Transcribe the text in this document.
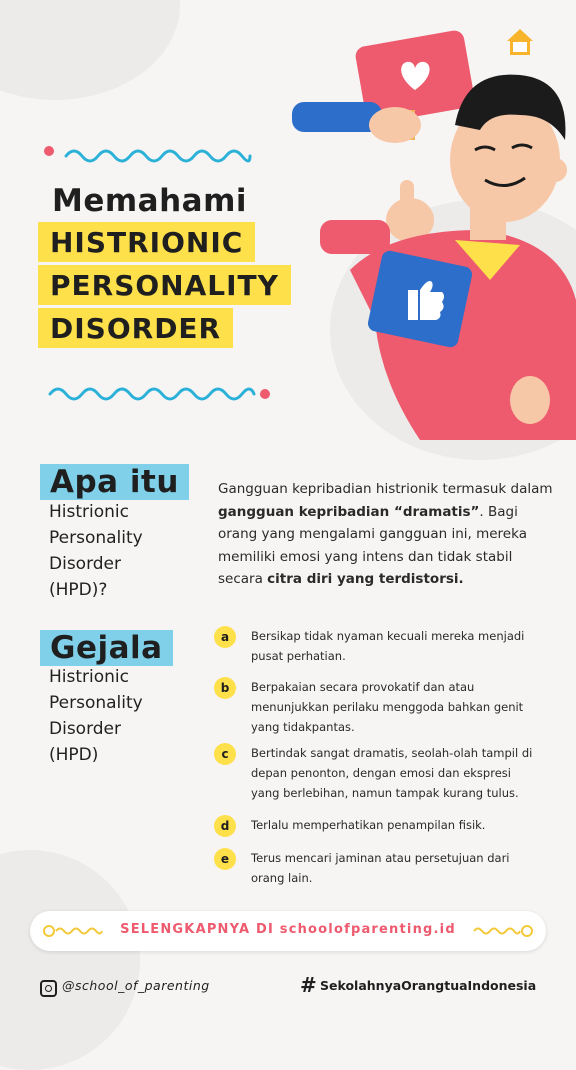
Memahami
HISTRIONIC
PERSONALITY
DISORDER
Apa itu
Histrionic
Personality
Disorder
(HPD)?
Gangguan kepribadian histrionik termasuk dalam gangguan kepribadian “dramatis”. Bagi orang yang mengalami gangguan ini, mereka memiliki emosi yang intens dan tidak stabil secara citra diri yang terdistorsi.
Gejala
Histrionic
Personality
Disorder
(HPD)
a	Bersikap tidak nyaman kecuali mereka menjadi pusat perhatian.
b	Berpakaian secara provokatif dan atau menunjukkan perilaku menggoda bahkan genit yang tidakpantas.
c	Bertindak sangat dramatis, seolah-olah tampil di depan penonton, dengan emosi dan ekspresi yang berlebihan, namun tampak kurang tulus.
d	Terlalu memperhatikan penampilan fisik.
e	Terus mencari jaminan atau persetujuan dari orang lain.
SELENGKAPNYA DI schoolofparenting.id
@school_of_parenting	# SekolahnyaOrangtuaIndonesia
